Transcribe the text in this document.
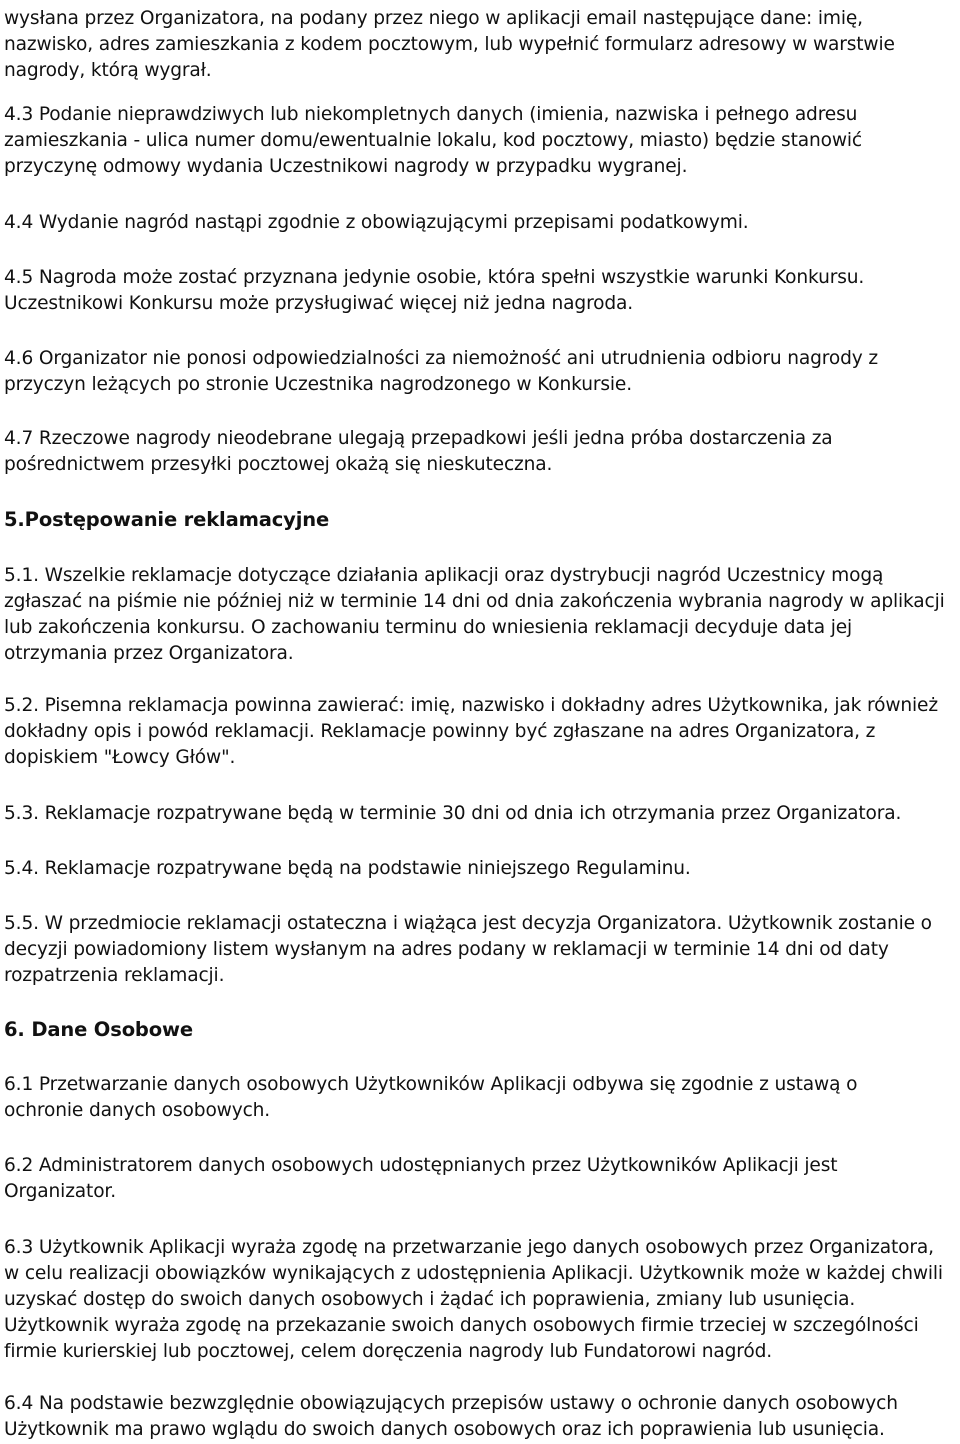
wysłana przez Organizatora, na podany przez niego w aplikacji email następujące dane: imię,
nazwisko, adres zamieszkania z kodem pocztowym, lub wypełnić formularz adresowy w warstwie
nagrody, którą wygrał.
4.3 Podanie nieprawdziwych lub niekompletnych danych (imienia, nazwiska i pełnego adresu
zamieszkania - ulica numer domu/ewentualnie lokalu, kod pocztowy, miasto) będzie stanowić
przyczynę odmowy wydania Uczestnikowi nagrody w przypadku wygranej.
4.4 Wydanie nagród nastąpi zgodnie z obowiązującymi przepisami podatkowymi.
4.5 Nagroda może zostać przyznana jedynie osobie, która spełni wszystkie warunki Konkursu.
Uczestnikowi Konkursu może przysługiwać więcej niż jedna nagroda.
4.6 Organizator nie ponosi odpowiedzialności za niemożność ani utrudnienia odbioru nagrody z
przyczyn leżących po stronie Uczestnika nagrodzonego w Konkursie.
4.7 Rzeczowe nagrody nieodebrane ulegają przepadkowi jeśli jedna próba dostarczenia za
pośrednictwem przesyłki pocztowej okażą się nieskuteczna.
5.Postępowanie reklamacyjne
5.1. Wszelkie reklamacje dotyczące działania aplikacji oraz dystrybucji nagród Uczestnicy mogą
zgłaszać na piśmie nie później niż w terminie 14 dni od dnia zakończenia wybrania nagrody w aplikacji
lub zakończenia konkursu. O zachowaniu terminu do wniesienia reklamacji decyduje data jej
otrzymania przez Organizatora.
5.2. Pisemna reklamacja powinna zawierać: imię, nazwisko i dokładny adres Użytkownika, jak również
dokładny opis i powód reklamacji. Reklamacje powinny być zgłaszane na adres Organizatora, z
dopiskiem "Łowcy Głów".
5.3. Reklamacje rozpatrywane będą w terminie 30 dni od dnia ich otrzymania przez Organizatora.
5.4. Reklamacje rozpatrywane będą na podstawie niniejszego Regulaminu.
5.5. W przedmiocie reklamacji ostateczna i wiążąca jest decyzja Organizatora. Użytkownik zostanie o
decyzji powiadomiony listem wysłanym na adres podany w reklamacji w terminie 14 dni od daty
rozpatrzenia reklamacji.
6. Dane Osobowe
6.1 Przetwarzanie danych osobowych Użytkowników Aplikacji odbywa się zgodnie z ustawą o
ochronie danych osobowych.
6.2 Administratorem danych osobowych udostępnianych przez Użytkowników Aplikacji jest
Organizator.
6.3 Użytkownik Aplikacji wyraża zgodę na przetwarzanie jego danych osobowych przez Organizatora,
w celu realizacji obowiązków wynikających z udostępnienia Aplikacji. Użytkownik może w każdej chwili
uzyskać dostęp do swoich danych osobowych i żądać ich poprawienia, zmiany lub usunięcia.
Użytkownik wyraża zgodę na przekazanie swoich danych osobowych firmie trzeciej w szczególności
firmie kurierskiej lub pocztowej, celem doręczenia nagrody lub Fundatorowi nagród.
6.4 Na podstawie bezwzględnie obowiązujących przepisów ustawy o ochronie danych osobowych
Użytkownik ma prawo wglądu do swoich danych osobowych oraz ich poprawienia lub usunięcia.
